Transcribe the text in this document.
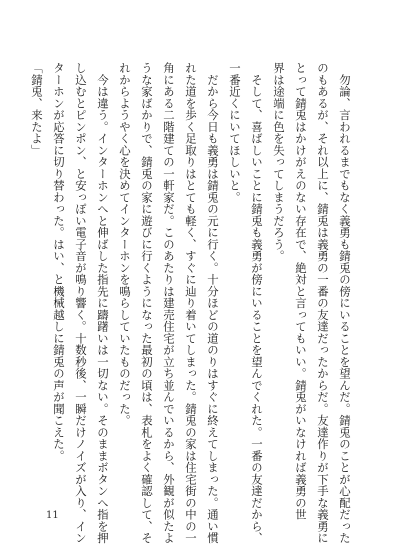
　勿論、言われるまでもなく義勇も錆兎の傍にいることを望んだ。錆兎のことが心配だった
のもあるが、それ以上に、錆兎は義勇の一番の友達だったからだ。友達作りが下手な義勇に
とって錆兎はかけがえのない存在で、絶対と言ってもいい。錆兎がいなければ義勇の世
界は途端に色を失ってしまうだろう。
　そして、喜ばしいことに錆兎も義勇が傍にいることを望んでくれた。一番の友達だから、
一番近くにいてほしいと。
　だから今日も義勇は錆兎の元に行く。十分ほどの道のりはすぐに終えてしまった。通い慣
れた道を歩く足取りはとても軽く、すぐに辿り着いてしまった。錆兎の家は住宅街の中の一
角にある二階建ての一軒家だ。このあたりは建売住宅が立ち並んでいるから、外観が似たよ
うな家ばかりで、錆兎の家に遊びに行くようになった最初の頃は、表札をよく確認して、そ
れからようやく心を決めてインターホンを鳴らしていたものだった。
　今は違う。インターホンへと伸ばした指先に躊躇いは一切ない。そのままボタンへ指を押
し込むとピンポン、と安っぽい電子音が鳴り響く。十数秒後、一瞬だけノイズが入り、イン
ターホンが応答に切り替わった。はい、と機械越しに錆兎の声が聞こえた。
「錆兎、来たよ」
11
